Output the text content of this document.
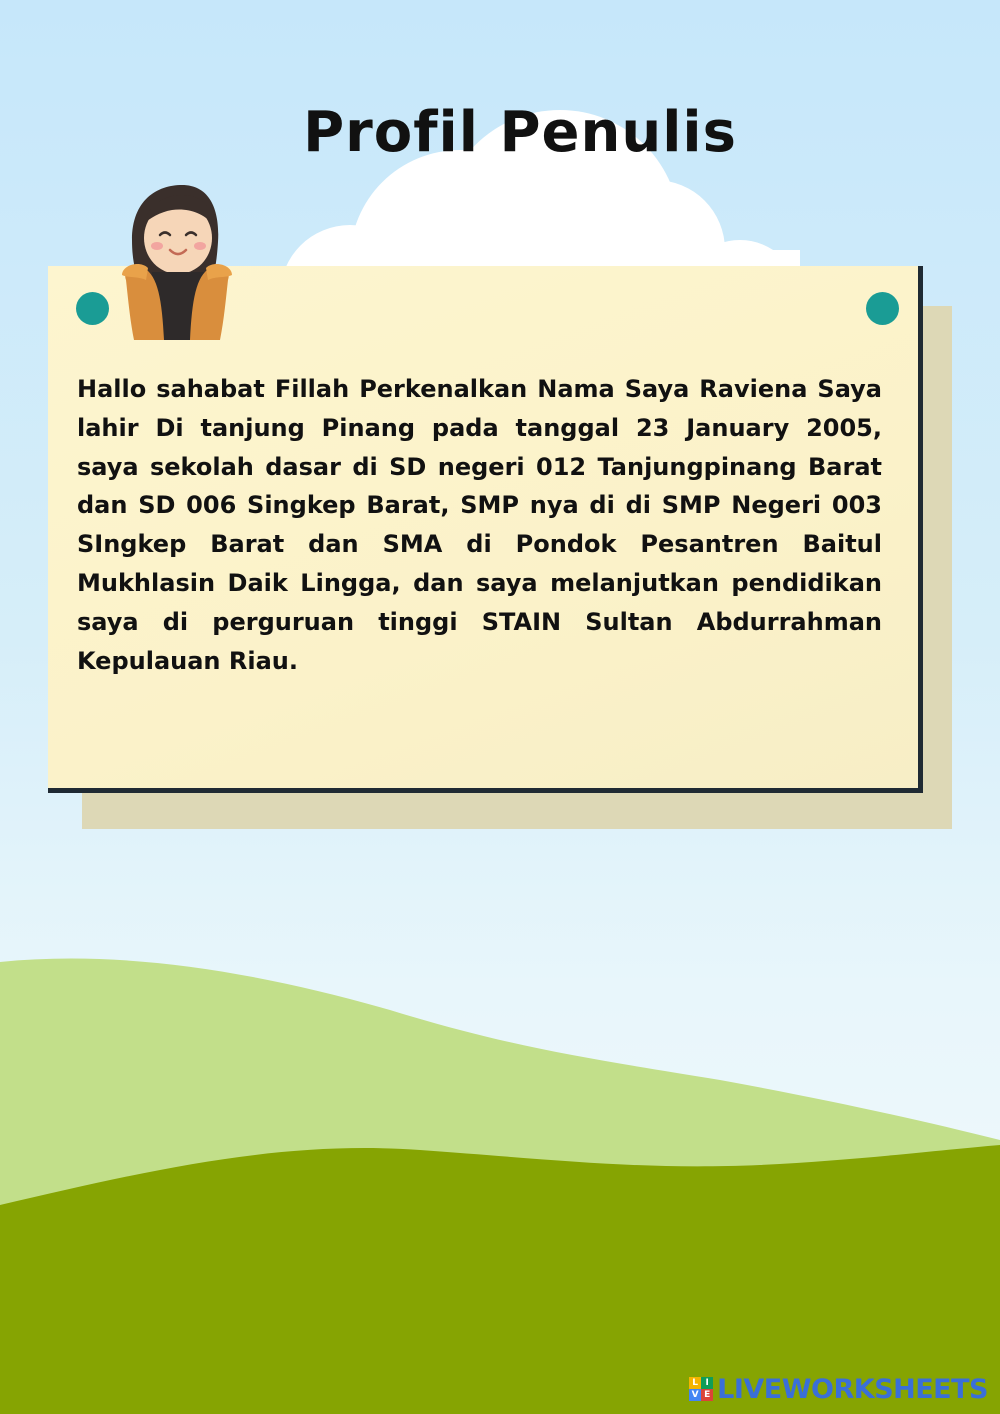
Profil Penulis

Hallo sahabat Fillah Perkenalkan Nama Saya Raviena Saya lahir Di tanjung Pinang pada tanggal 23 January 2005, saya sekolah dasar di SD negeri 012 Tanjungpinang Barat dan SD 006 Singkep Barat, SMP nya di di SMP Negeri 003 SIngkep Barat dan SMA di Pondok Pesantren Baitul Mukhlasin Daik Lingga, dan saya melanjutkan pendidikan saya di perguruan tinggi STAIN Sultan Abdurrahman Kepulauan Riau.

L I
V E LIVEWORKSHEETS
